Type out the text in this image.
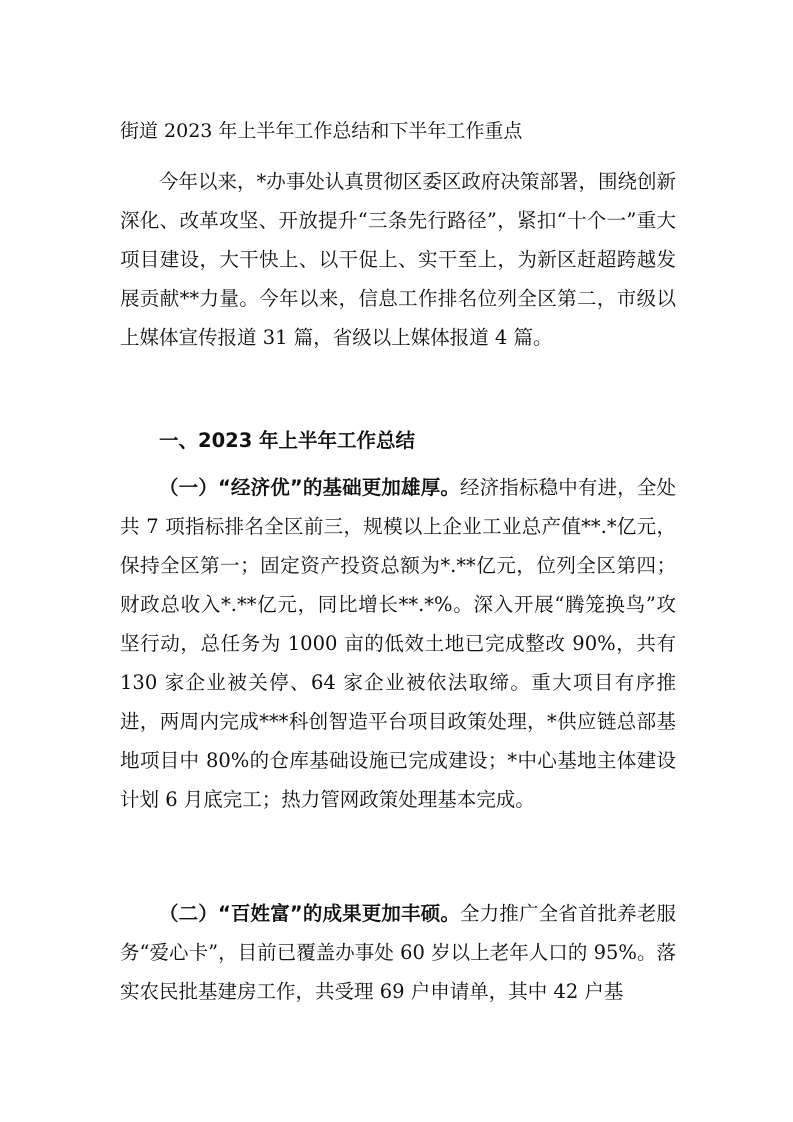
街道 2023 年上半年工作总结和下半年工作重点

今年以来，*办事处认真贯彻区委区政府决策部署，围绕创新深化、改革攻坚、开放提升“三条先行路径”，紧扣“十个一”重大项目建设，大干快上、以干促上、实干至上，为新区赶超跨越发展贡献**力量。今年以来，信息工作排名位列全区第二，市级以上媒体宣传报道 31 篇，省级以上媒体报道 4 篇。

一、2023 年上半年工作总结

（一）“经济优”的基础更加雄厚。经济指标稳中有进，全处共 7 项指标排名全区前三，规模以上企业工业总产值**.*亿元，保持全区第一；固定资产投资总额为*.**亿元，位列全区第四；财政总收入*.**亿元，同比增长**.*%。深入开展“腾笼换鸟”攻坚行动，总任务为 1000 亩的低效土地已完成整改 90%，共有 130 家企业被关停、64 家企业被依法取缔。重大项目有序推进，两周内完成***科创智造平台项目政策处理，*供应链总部基地项目中 80%的仓库基础设施已完成建设；*中心基地主体建设计划 6 月底完工；热力管网政策处理基本完成。

（二）“百姓富”的成果更加丰硕。全力推广全省首批养老服务“爱心卡”，目前已覆盖办事处 60 岁以上老年人口的 95%。落实农民批基建房工作，共受理 69 户申请单，其中 42 户基
